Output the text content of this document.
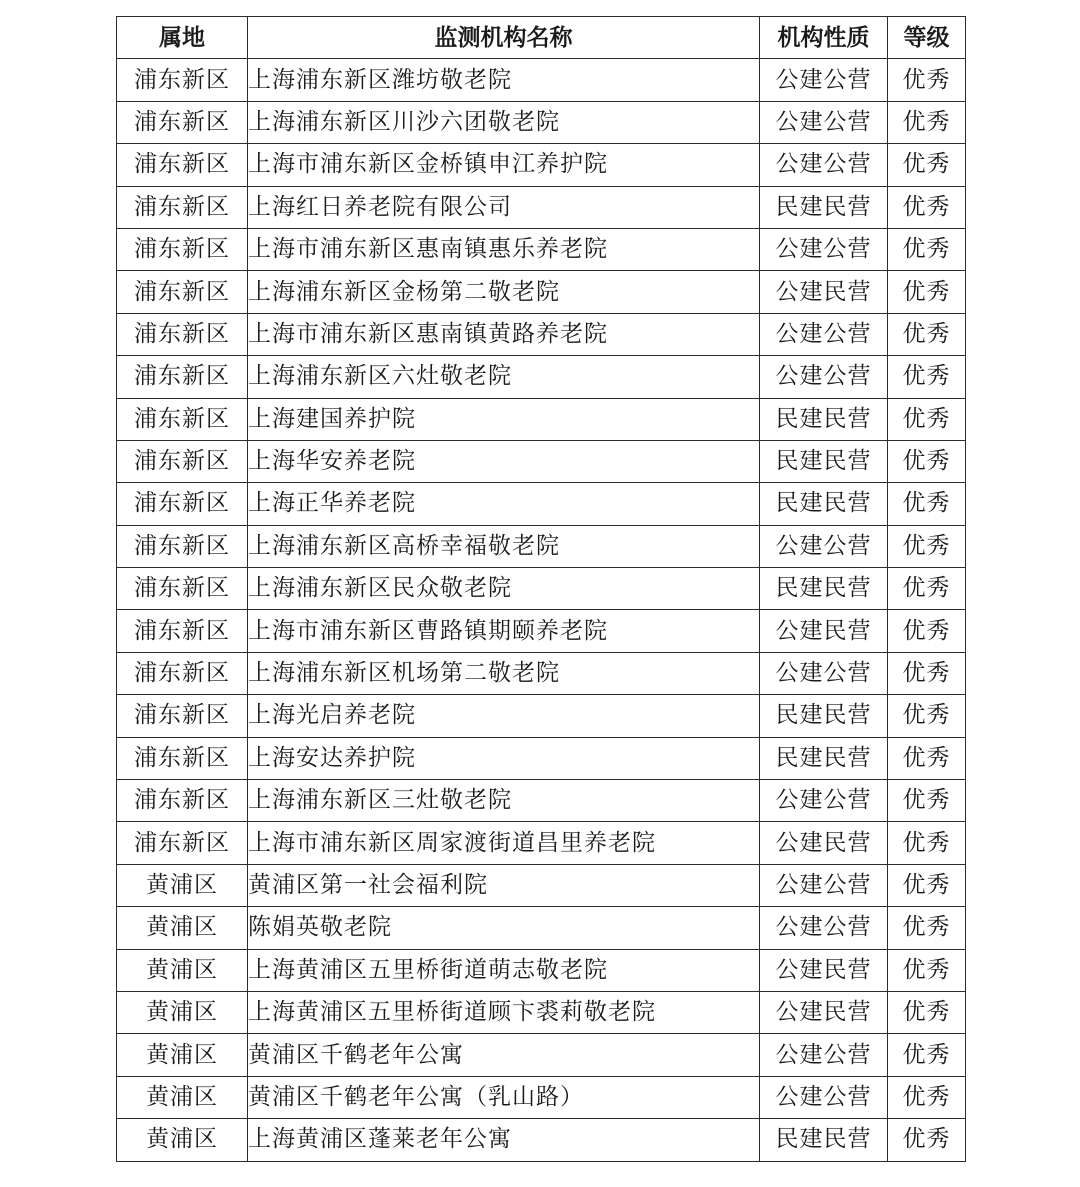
属地	监测机构名称	机构性质	等级
浦东新区	上海浦东新区潍坊敬老院	公建公营	优秀
浦东新区	上海浦东新区川沙六团敬老院	公建公营	优秀
浦东新区	上海市浦东新区金桥镇申江养护院	公建公营	优秀
浦东新区	上海红日养老院有限公司	民建民营	优秀
浦东新区	上海市浦东新区惠南镇惠乐养老院	公建公营	优秀
浦东新区	上海浦东新区金杨第二敬老院	公建民营	优秀
浦东新区	上海市浦东新区惠南镇黄路养老院	公建公营	优秀
浦东新区	上海浦东新区六灶敬老院	公建公营	优秀
浦东新区	上海建国养护院	民建民营	优秀
浦东新区	上海华安养老院	民建民营	优秀
浦东新区	上海正华养老院	民建民营	优秀
浦东新区	上海浦东新区高桥幸福敬老院	公建公营	优秀
浦东新区	上海浦东新区民众敬老院	民建民营	优秀
浦东新区	上海市浦东新区曹路镇期颐养老院	公建民营	优秀
浦东新区	上海浦东新区机场第二敬老院	公建公营	优秀
浦东新区	上海光启养老院	民建民营	优秀
浦东新区	上海安达养护院	民建民营	优秀
浦东新区	上海浦东新区三灶敬老院	公建公营	优秀
浦东新区	上海市浦东新区周家渡街道昌里养老院	公建民营	优秀
黄浦区	黄浦区第一社会福利院	公建公营	优秀
黄浦区	陈娟英敬老院	公建公营	优秀
黄浦区	上海黄浦区五里桥街道萌志敬老院	公建民营	优秀
黄浦区	上海黄浦区五里桥街道顾卞裘莉敬老院	公建民营	优秀
黄浦区	黄浦区千鹤老年公寓	公建公营	优秀
黄浦区	黄浦区千鹤老年公寓（乳山路）	公建公营	优秀
黄浦区	上海黄浦区蓬莱老年公寓	民建民营	优秀
